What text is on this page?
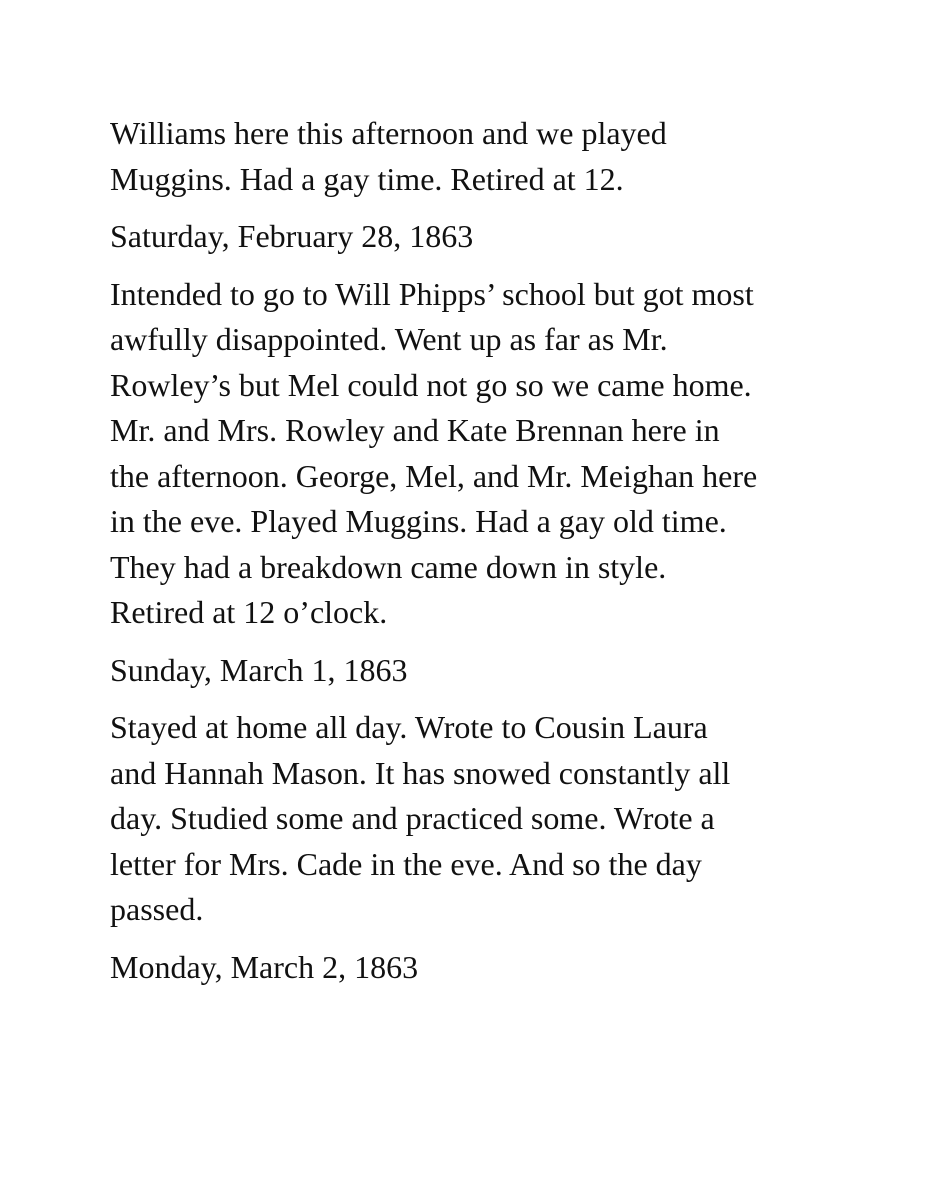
Williams here this afternoon and we played
Muggins. Had a gay time. Retired at 12.

Saturday, February 28, 1863

Intended to go to Will Phipps’ school but got most
awfully disappointed. Went up as far as Mr.
Rowley’s but Mel could not go so we came home.
Mr. and Mrs. Rowley and Kate Brennan here in
the afternoon. George, Mel, and Mr. Meighan here
in the eve. Played Muggins. Had a gay old time.
They had a breakdown came down in style.
Retired at 12 o’clock.

Sunday, March 1, 1863

Stayed at home all day. Wrote to Cousin Laura
and Hannah Mason. It has snowed constantly all
day. Studied some and practiced some. Wrote a
letter for Mrs. Cade in the eve. And so the day
passed.

Monday, March 2, 1863
